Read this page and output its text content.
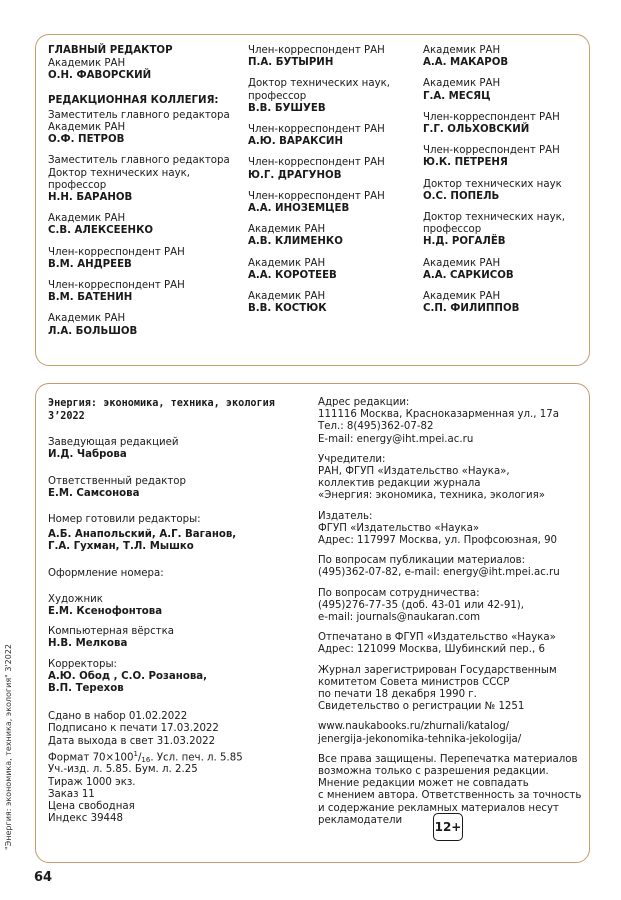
ГЛАВНЫЙ РЕДАКТОР
Академик РАН
О.Н. ФАВОРСКИЙ
РЕДАКЦИОННАЯ КОЛЛЕГИЯ:
Заместитель главного редактора
Академик РАН
О.Ф. ПЕТРОВ
Заместитель главного редактора
Доктор технических наук,
профессор
Н.Н. БАРАНОВ
Академик РАН
С.В. АЛЕКСЕЕНКО
Член-корреспондент РАН
В.М. АНДРЕЕВ
Член-корреспондент РАН
В.М. БАТЕНИН
Академик РАН
Л.А. БОЛЬШОВ
Член-корреспондент РАН
П.А. БУТЫРИН
Доктор технических наук,
профессор
В.В. БУШУЕВ
Член-корреспондент РАН
А.Ю. ВАРАКСИН
Член-корреспондент РАН
Ю.Г. ДРАГУНОВ
Член-корреспондент РАН
А.А. ИНОЗЕМЦЕВ
Академик РАН
А.В. КЛИМЕНКО
Академик РАН
А.А. КОРОТЕЕВ
Академик РАН
В.В. КОСТЮК
Академик РАН
А.А. МАКАРОВ
Академик РАН
Г.А. МЕСЯЦ
Член-корреспондент РАН
Г.Г. ОЛЬХОВСКИЙ
Член-корреспондент РАН
Ю.К. ПЕТРЕНЯ
Доктор технических наук
О.С. ПОПЕЛЬ
Доктор технических наук,
профессор
Н.Д. РОГАЛЁВ
Академик РАН
А.А. САРКИСОВ
Академик РАН
С.П. ФИЛИППОВ
Энергия: экономика, техника, экология
3’2022
Заведующая редакцией
И.Д. Чаброва
Ответственный редактор
Е.М. Самсонова
Номер готовили редакторы:
А.Б. Анапольский, А.Г. Ваганов,
Г.А. Гухман, Т.Л. Мышко
Оформление номера:
Художник
Е.М. Ксенофонтова
Компьютерная вёрстка
Н.В. Мелкова
Корректоры:
А.Ю. Обод , С.О. Розанова,
В.П. Терехов
Сдано в набор 01.02.2022
Подписано к печати 17.03.2022
Дата выхода в свет 31.03.2022
Формат $70\times 100^1/16$. Усл. печ. л. 5.85
Уч.-изд. л. 5.85. Бум. л. 2.25
Тираж 1000 экз.
Заказ 11
Цена свободная
Индекс 39448
Адрес редакции:
111116 Москва, Красноказарменная ул., 17а
Тел.: 8(495)362-07-82
E-mail: energy@iht.mpei.ac.ru
Учредители:
РАН, ФГУП «Издательство «Наука»,
коллектив редакции журнала
«Энергия: экономика, техника, экология»
Издатель:
ФГУП «Издательство «Наука»
Адрес: 117997 Москва, ул. Профсоюзная, 90
По вопросам публикации материалов:
(495)362-07-82, e-mail: energy@iht.mpei.ac.ru
По вопросам сотрудничества:
(495)276-77-35 (доб. 43-01 или 42-91),
e-mail: journals@naukaran.com
Отпечатано в ФГУП «Издательство «Наука»
Адрес: 121099 Москва, Шубинский пер., 6
Журнал зарегистрирован Государственным
комитетом Совета министров СССР
по печати 18 декабря 1990 г.
Свидетельство о регистрации № 1251
www.naukabooks.ru/zhurnali/katalog/
jenergija-jekonomika-tehnika-jekologija/
Все права защищены. Перепечатка материалов
возможна только с разрешения редакции.
Мнение редакции может не совпадать
с мнением автора. Ответственность за точность
и содержание рекламных материалов несут
рекламодатели	12+
"Энергия: экономика, техника, экология" 3'2022
64
